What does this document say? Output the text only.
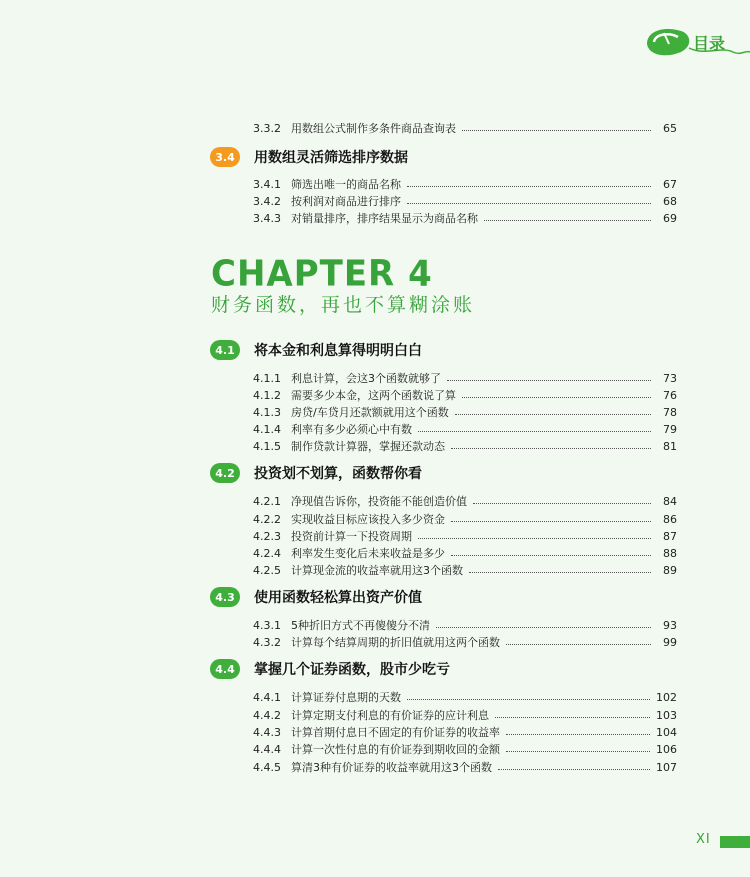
目录
3.3.2 用数组公式制作多条件商品查询表	65
3.4	用数组灵活筛选排序数据
3.4.1 筛选出唯一的商品名称	67
3.4.2 按利润对商品进行排序	68
3.4.3 对销量排序，排序结果显示为商品名称	69
CHAPTER 4
财务函数，再也不算糊涂账
4.1	将本金和利息算得明明白白
4.1.1 利息计算，会这3个函数就够了	73
4.1.2 需要多少本金，这两个函数说了算	76
4.1.3 房贷/车贷月还款额就用这个函数	78
4.1.4 利率有多少必须心中有数	79
4.1.5 制作贷款计算器，掌握还款动态	81
4.2	投资划不划算，函数帮你看
4.2.1 净现值告诉你，投资能不能创造价值	84
4.2.2 实现收益目标应该投入多少资金	86
4.2.3 投资前计算一下投资周期	87
4.2.4 利率发生变化后未来收益是多少	88
4.2.5 计算现金流的收益率就用这3个函数	89
4.3	使用函数轻松算出资产价值
4.3.1 5种折旧方式不再傻傻分不清	93
4.3.2 计算每个结算周期的折旧值就用这两个函数	99
4.4	掌握几个证券函数，股市少吃亏
4.4.1 计算证券付息期的天数	102
4.4.2 计算定期支付利息的有价证券的应计利息	103
4.4.3 计算首期付息日不固定的有价证券的收益率	104
4.4.4 计算一次性付息的有价证券到期收回的金额	106
4.4.5 算清3种有价证券的收益率就用这3个函数	107
XI
